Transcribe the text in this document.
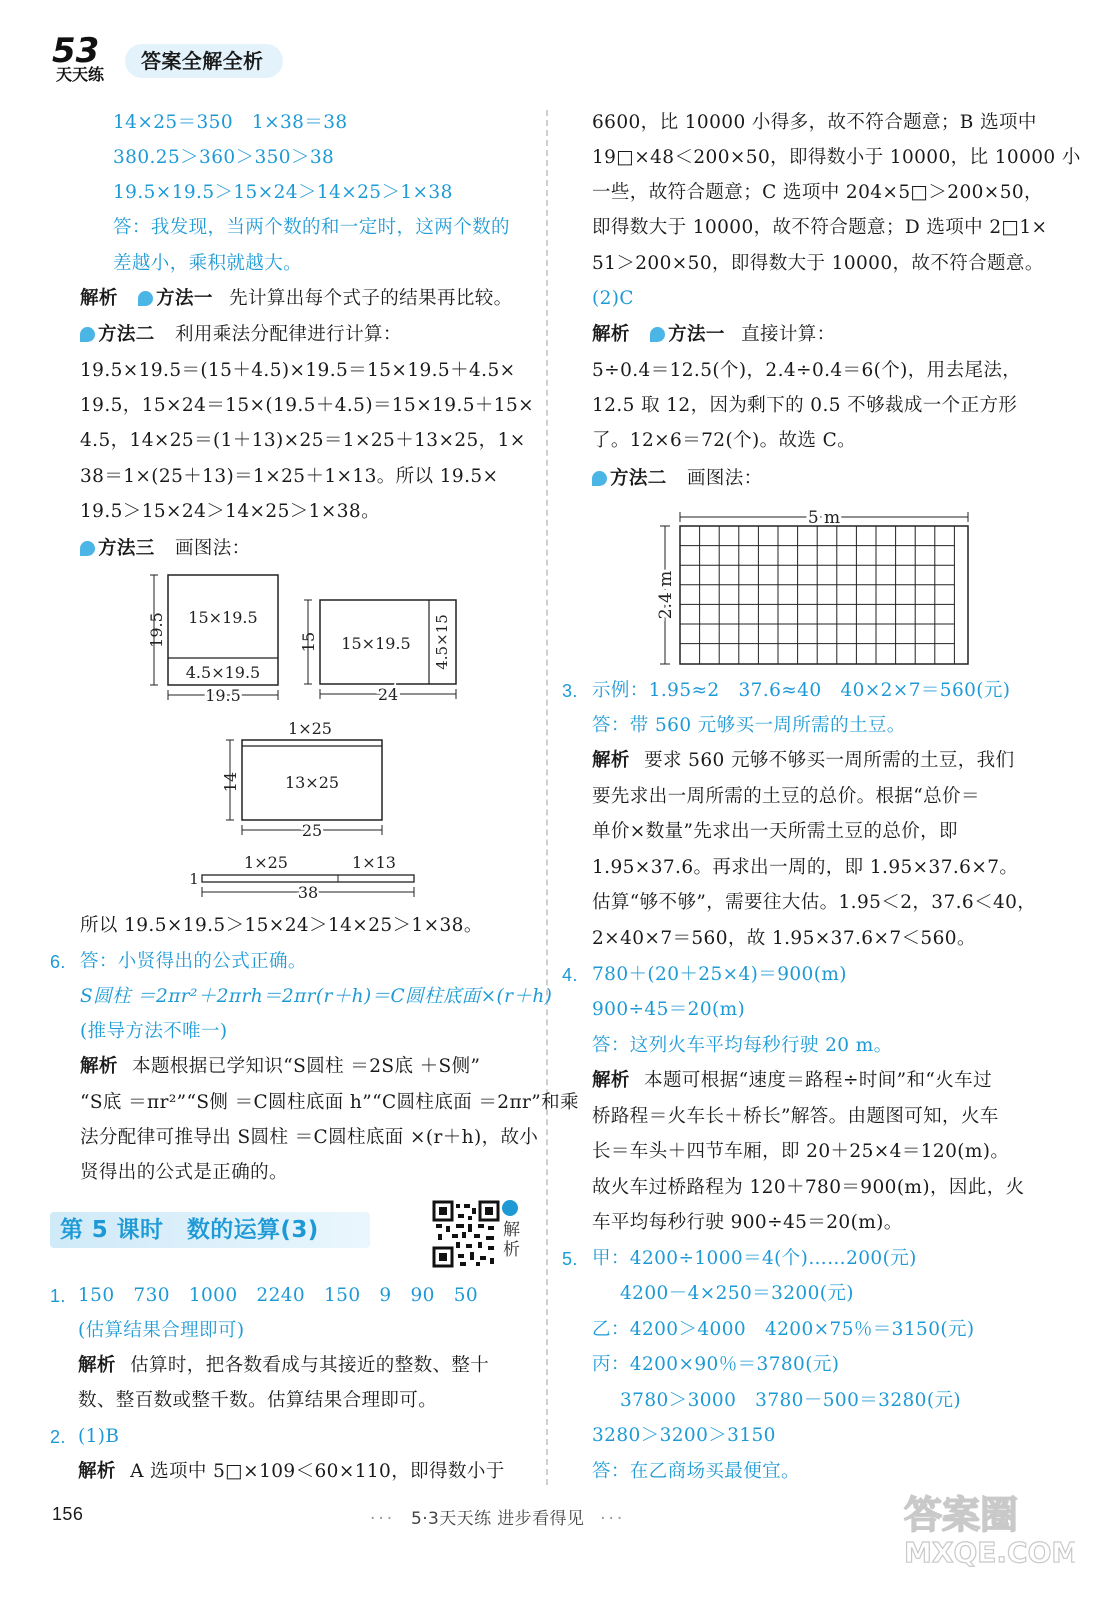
53
天天练
答案全解全析
14×25＝350　1×38＝38
380.25＞360＞350＞38
19.5×19.5＞15×24＞14×25＞1×38
答：我发现，当两个数的和一定时，这两个数的
差越小，乘积就越大。
解析 方法一 先计算出每个式子的结果再比较。
方法二 利用乘法分配律进行计算：
19.5×19.5＝(15＋4.5)×19.5＝15×19.5＋4.5×
19.5，15×24＝15×(19.5＋4.5)＝15×19.5＋15×
4.5，14×25＝(1＋13)×25＝1×25＋13×25，1×
38＝1×(25＋13)＝1×25＋1×13。所以 19.5×
19.5＞15×24＞14×25＞1×38。
方法三 画图法：
19.5 15×19.5
4.5×19.5
19.5
15 15×19.5 4.5×15
24
1×25
14	13×25
25
1×25	1×13
1
38
所以 19.5×19.5＞15×24＞14×25＞1×38。
6. 答：小贤得出的公式正确。
S圆柱 ＝2πr²＋2πrh＝2πr(r＋h)＝C圆柱底面×(r＋h)
(推导方法不唯一)
解析 本题根据已学知识“S圆柱 ＝2S底 ＋S侧”
“S底 ＝πr²”“S侧 ＝C圆柱底面 h”“C圆柱底面 ＝2πr”和乘
法分配律可推导出 S圆柱 ＝C圆柱底面 ×(r＋h)，故小
贤得出的公式是正确的。
第 5 课时　数的运算(3)	解析
1. 150　730　1000　2240　150　9　90　50
(估算结果合理即可)
解析 估算时，把各数看成与其接近的整数、整十
数、整百数或整千数。估算结果合理即可。
2. (1)B
解析 A 选项中 5□×109＜60×110，即得数小于
6600，比 10000 小得多，故不符合题意；B 选项中
19□×48＜200×50，即得数小于 10000，比 10000 小
一些，故符合题意；C 选项中 204×5□＞200×50，
即得数大于 10000，故不符合题意；D 选项中 2□1×
51＞200×50，即得数大于 10000，故不符合题意。
(2)C
解析 方法一 直接计算：
5÷0.4＝12.5(个)，2.4÷0.4＝6(个)，用去尾法，
12.5 取 12，因为剩下的 0.5 不够裁成一个正方形
了。12×6＝72(个)。故选 C。
方法二 画图法：
5 m
2.4 m
3. 示例：1.95≈2　37.6≈40　40×2×7＝560(元)
答：带 560 元够买一周所需的土豆。
解析 要求 560 元够不够买一周所需的土豆，我们
要先求出一周所需的土豆的总价。根据“总价＝
单价×数量”先求出一天所需土豆的总价，即
1.95×37.6。再求出一周的，即 1.95×37.6×7。
估算“够不够”，需要往大估。1.95＜2，37.6＜40，
2×40×7＝560，故 1.95×37.6×7＜560。
4. 780＋(20＋25×4)＝900(m)
900÷45＝20(m)
答：这列火车平均每秒行驶 20 m。
解析 本题可根据“速度＝路程÷时间”和“火车过
桥路程＝火车长＋桥长”解答。由题图可知，火车
长＝车头＋四节车厢，即 20＋25×4＝120(m)。
故火车过桥路程为 120＋780＝900(m)，因此，火
车平均每秒行驶 900÷45＝20(m)。
5. 甲：4200÷1000＝4(个)……200(元)
4200－4×250＝3200(元)
乙：4200＞4000　4200×75％＝3150(元)
丙：4200×90％＝3780(元)
3780＞3000　3780－500＝3280(元)
3280＞3200＞3150
答：在乙商场买最便宜。
156	··· 5·3天天练 进步看得见 ···	答案圈
MXQE.COM
